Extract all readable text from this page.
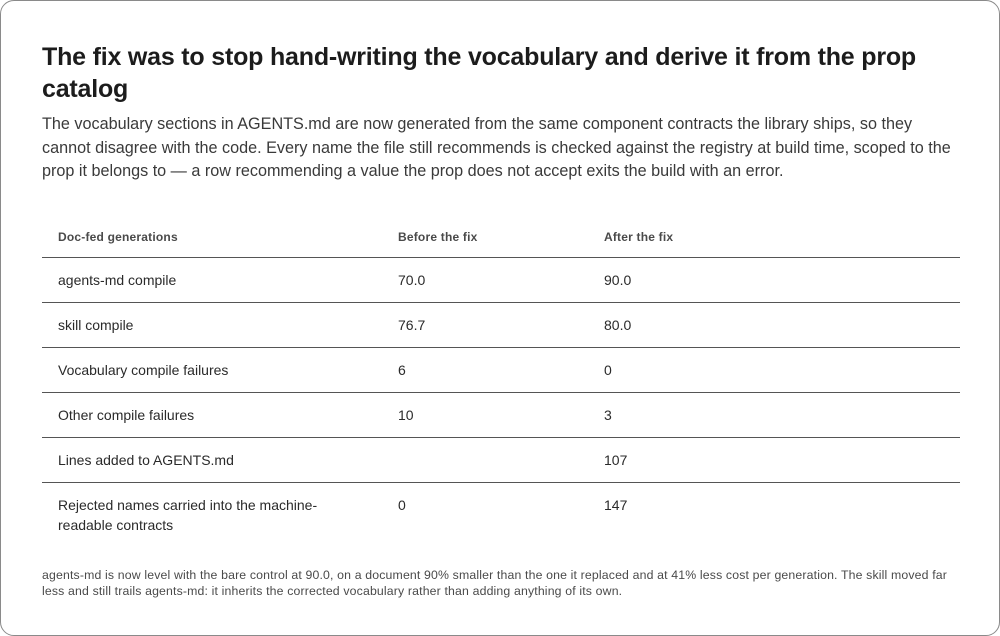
The fix was to stop hand-writing the vocabulary and derive it from the prop catalog

The vocabulary sections in AGENTS.md are now generated from the same component contracts the library ships, so they cannot disagree with the code. Every name the file still recommends is checked against the registry at build time, scoped to the prop it belongs to — a row recommending a value the prop does not accept exits the build with an error.

Doc-fed generations	Before the fix	After the fix
agents-md compile	70.0	90.0
skill compile	76.7	80.0
Vocabulary compile failures	6	0
Other compile failures	10	3
Lines added to AGENTS.md		107
Rejected names carried into the machine-readable contracts	0	147

agents-md is now level with the bare control at 90.0, on a document 90% smaller than the one it replaced and at 41% less cost per generation. The skill moved far less and still trails agents-md: it inherits the corrected vocabulary rather than adding anything of its own.
